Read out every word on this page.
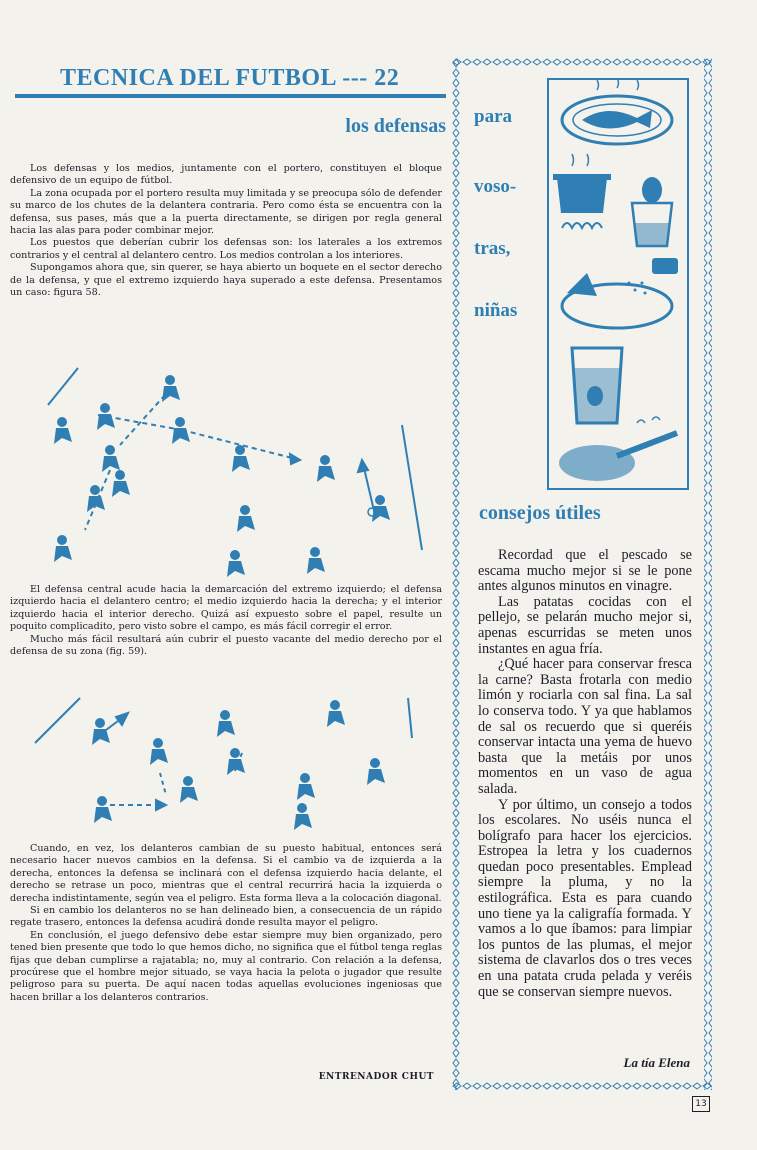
TECNICA DEL FUTBOL --- 22
los defensas

Los defensas y los medios, juntamente con el portero, constituyen el bloque defensivo de un equipo de fútbol.

La zona ocupada por el portero resulta muy limitada y se preocupa sólo de defender su marco de los chutes de la delantera contraria. Pero como ésta se encuentra con la defensa, sus pases, más que a la puerta directamente, se dirigen por regla general hacia las alas para poder combinar mejor.

Los puestos que deberían cubrir los defensas son: los laterales a los extremos contrarios y el central al delantero centro. Los medios controlan a los interiores.

Supongamos ahora que, sin querer, se haya abierto un boquete en el sector derecho de la defensa, y que el extremo izquierdo haya superado a este defensa. Presentamos un caso: figura 58.

El defensa central acude hacia la demarcación del extremo izquierdo; el defensa izquierdo hacia el delantero centro; el medio izquierdo hacia la derecha; y el interior izquierdo hacia el interior derecho. Quizá así expuesto sobre el papel, resulte un poquito complicadito, pero visto sobre el campo, es más fácil corregir el error.

Mucho más fácil resultará aún cubrir el puesto vacante del medio derecho por el defensa de su zona (fig. 59).

Cuando, en vez, los delanteros cambian de su puesto habitual, entonces será necesario hacer nuevos cambios en la defensa. Si el cambio va de izquierda a la derecha, entonces la defensa se inclinará con el defensa izquierdo hacia delante, el derecho se retrase un poco, mientras que el central recurrirá hacia la izquierda o derecha indistintamente, según vea el peligro. Esta forma lleva a la colocación diagonal.

Si en cambio los delanteros no se han delineado bien, a consecuencia de un rápido regate trasero, entonces la defensa acudirá donde resulta mayor el peligro.

En conclusión, el juego defensivo debe estar siempre muy bien organizado, pero tened bien presente que todo lo que hemos dicho, no significa que el fútbol tenga reglas fijas que deban cumplirse a rajatabla; no, muy al contrario. Con relación a la defensa, procúrese que el hombre mejor situado, se vaya hacia la pelota o jugador que resulte peligroso para su puerta. De aquí nacen todas aquellas evoluciones ingeniosas que hacen brillar a los delanteros contrarios.

ENTRENADOR CHUT

para

voso-

tras,

niñas

consejos útiles

Recordad que el pescado se escama mucho mejor si se le pone antes algunos minutos en vinagre.

Las patatas cocidas con el pellejo, se pelarán mucho mejor si, apenas escurridas se meten unos instantes en agua fría.

¿Qué hacer para conservar fresca la carne? Basta frotarla con medio limón y rociarla con sal fina. La sal lo conserva todo. Y ya que hablamos de sal os recuerdo que si queréis conservar intacta una yema de huevo basta que la metáis por unos momentos en un vaso de agua salada.

Y por último, un consejo a todos los escolares. No uséis nunca el bolígrafo para hacer los ejercicios. Estropea la letra y los cuadernos quedan poco presentables. Emplead siempre la pluma, y no la estilográfica. Esta es para cuando uno tiene ya la caligrafía formada. Y vamos a lo que íbamos: para limpiar los puntos de las plumas, el mejor sistema de clavarlos dos o tres veces en una patata cruda pelada y veréis que se conservan siempre nuevos.

La tía Elena

13
